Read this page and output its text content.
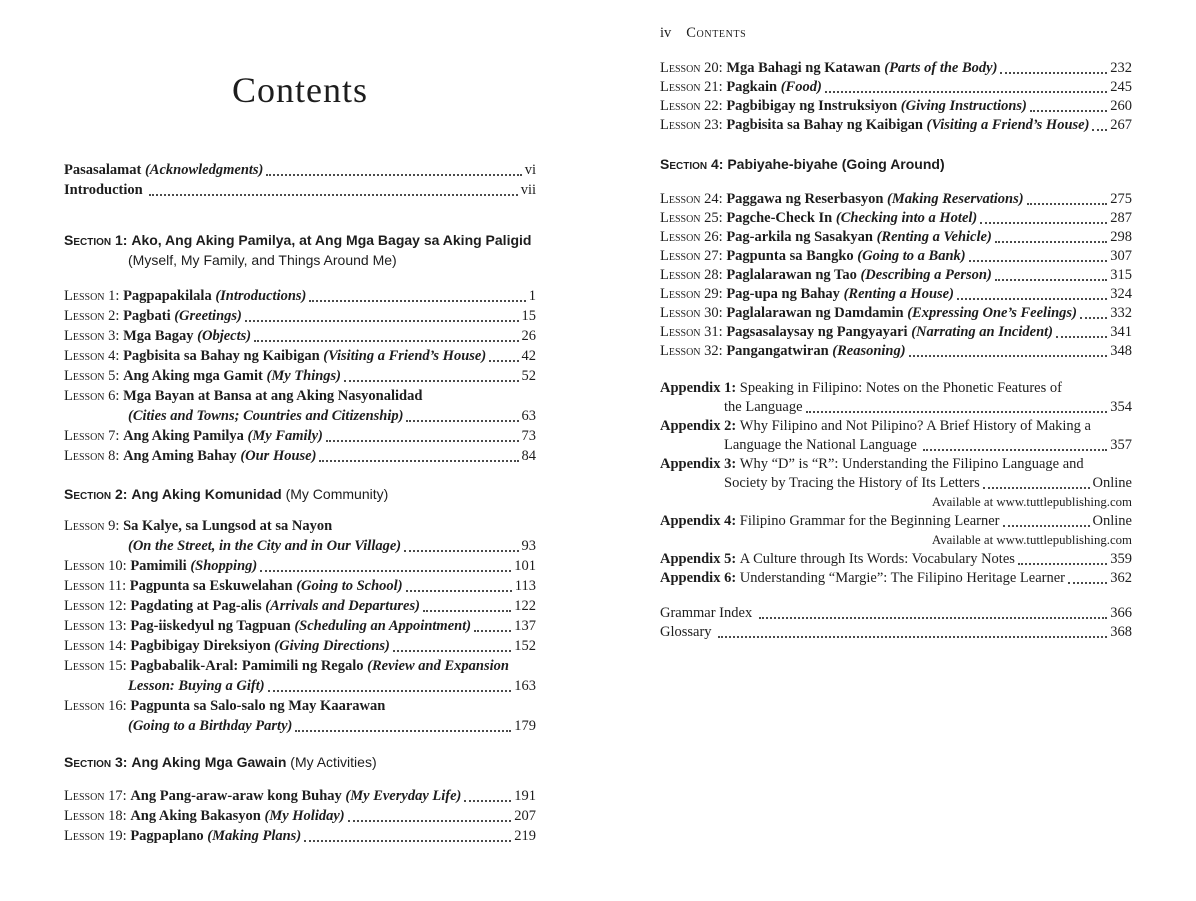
Contents
Pasasalamat (Acknowledgments)	vi
Introduction	vii
Section 1: Ako, Ang Aking Pamilya, at Ang Mga Bagay sa Aking Paligid
(Myself, My Family, and Things Around Me)
Lesson 1: Pagpapakilala (Introductions)	1
Lesson 2: Pagbati (Greetings)	15
Lesson 3: Mga Bagay (Objects)	26
Lesson 4: Pagbisita sa Bahay ng Kaibigan (Visiting a Friend’s House) 42
Lesson 5: Ang Aking mga Gamit (My Things)	52
Lesson 6: Mga Bayan at Bansa at ang Aking Nasyonalidad
(Cities and Towns; Countries and Citizenship)	63
Lesson 7: Ang Aking Pamilya (My Family)	73
Lesson 8: Ang Aming Bahay (Our House)	84
Section 2: Ang Aking Komunidad (My Community)
Lesson 9: Sa Kalye, sa Lungsod at sa Nayon
(On the Street, in the City and in Our Village)	93
Lesson 10: Pamimili (Shopping)	101
Lesson 11: Pagpunta sa Eskuwelahan (Going to School)	113
Lesson 12: Pagdating at Pag-alis (Arrivals and Departures)	122
Lesson 13: Pag-iiskedyul ng Tagpuan (Scheduling an Appointment)	137
Lesson 14: Pagbibigay Direksiyon (Giving Directions)	152
Lesson 15: Pagbabalik-Aral: Pamimili ng Regalo (Review and Expansion
Lesson: Buying a Gift)	163
Lesson 16: Pagpunta sa Salo-salo ng May Kaarawan
(Going to a Birthday Party)	179
Section 3: Ang Aking Mga Gawain (My Activities)
Lesson 17: Ang Pang-araw-araw kong Buhay (My Everyday Life)	191
Lesson 18: Ang Aking Bakasyon (My Holiday)	207
Lesson 19: Pagpaplano (Making Plans)	219
iv Contents
Lesson 20: Mga Bahagi ng Katawan (Parts of the Body)	232
Lesson 21: Pagkain (Food)	245
Lesson 22: Pagbibigay ng Instruksiyon (Giving Instructions)	260
Lesson 23: Pagbisita sa Bahay ng Kaibigan (Visiting a Friend’s House) 267
Section 4: Pabiyahe-biyahe (Going Around)
Lesson 24: Paggawa ng Reserbasyon (Making Reservations)	275
Lesson 25: Pagche-Check In (Checking into a Hotel)	287
Lesson 26: Pag-arkila ng Sasakyan (Renting a Vehicle)	298
Lesson 27: Pagpunta sa Bangko (Going to a Bank)	307
Lesson 28: Paglalarawan ng Tao (Describing a Person)	315
Lesson 29: Pag-upa ng Bahay (Renting a House)	324
Lesson 30: Paglalarawan ng Damdamin (Expressing One’s Feelings) 332
Lesson 31: Pagsasalaysay ng Pangyayari (Narrating an Incident)	341
Lesson 32: Pangangatwiran (Reasoning)	348
Appendix 1: Speaking in Filipino: Notes on the Phonetic Features of
the Language	354
Appendix 2: Why Filipino and Not Pilipino? A Brief History of Making a
Language the National Language	357
Appendix 3: Why “D” is “R”: Understanding the Filipino Language and
Society by Tracing the History of Its Letters	Online
Available at www.tuttlepublishing.com
Appendix 4: Filipino Grammar for the Beginning Learner	Online
Available at www.tuttlepublishing.com
Appendix 5: A Culture through Its Words: Vocabulary Notes	359
Appendix 6: Understanding “Margie”: The Filipino Heritage Learner	362
Grammar Index	366
Glossary	368
